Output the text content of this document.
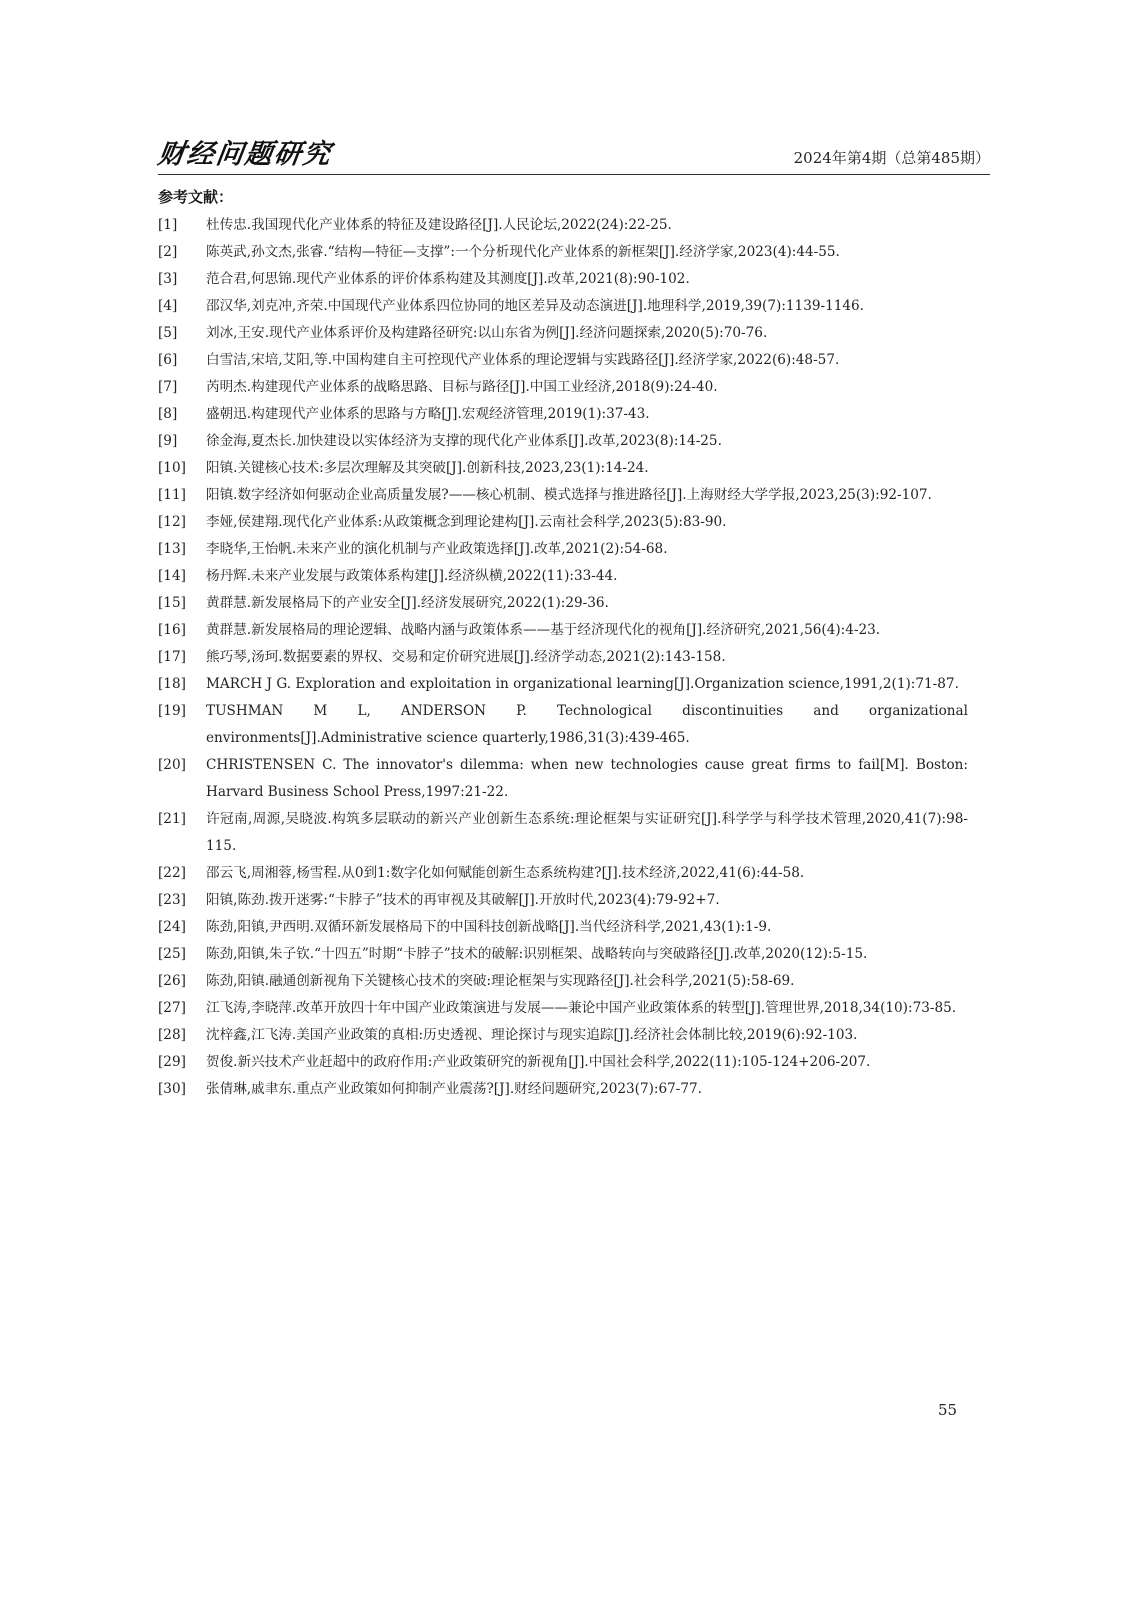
财经问题研究	2024年第4期（总第485期）
参考文献：
[1] 杜传忠.我国现代化产业体系的特征及建设路径[J].人民论坛,2022(24):22-25.
[2] 陈英武,孙文杰,张睿.“结构—特征—支撑”:一个分析现代化产业体系的新框架[J].经济学家,2023(4):44-55.
[3] 范合君,何思锦.现代产业体系的评价体系构建及其测度[J].改革,2021(8):90-102.
[4] 邵汉华,刘克冲,齐荣.中国现代产业体系四位协同的地区差异及动态演进[J].地理科学,2019,39(7):1139-1146.
[5] 刘冰,王安.现代产业体系评价及构建路径研究:以山东省为例[J].经济问题探索,2020(5):70-76.
[6] 白雪洁,宋培,艾阳,等.中国构建自主可控现代产业体系的理论逻辑与实践路径[J].经济学家,2022(6):48-57.
[7] 芮明杰.构建现代产业体系的战略思路、目标与路径[J].中国工业经济,2018(9):24-40.
[8] 盛朝迅.构建现代产业体系的思路与方略[J].宏观经济管理,2019(1):37-43.
[9] 徐金海,夏杰长.加快建设以实体经济为支撑的现代化产业体系[J].改革,2023(8):14-25.
[10] 阳镇.关键核心技术:多层次理解及其突破[J].创新科技,2023,23(1):14-24.
[11] 阳镇.数字经济如何驱动企业高质量发展?——核心机制、模式选择与推进路径[J].上海财经大学学报,2023,25(3):92-107.
[12] 李娅,侯建翔.现代化产业体系:从政策概念到理论建构[J].云南社会科学,2023(5):83-90.
[13] 李晓华,王怡帆.未来产业的演化机制与产业政策选择[J].改革,2021(2):54-68.
[14] 杨丹辉.未来产业发展与政策体系构建[J].经济纵横,2022(11):33-44.
[15] 黄群慧.新发展格局下的产业安全[J].经济发展研究,2022(1):29-36.
[16] 黄群慧.新发展格局的理论逻辑、战略内涵与政策体系——基于经济现代化的视角[J].经济研究,2021,56(4):4-23.
[17] 熊巧琴,汤珂.数据要素的界权、交易和定价研究进展[J].经济学动态,2021(2):143-158.
[18] MARCH J G. Exploration and exploitation in organizational learning[J].Organization science,1991,2(1):71-87.
[19] TUSHMAN M L, ANDERSON P. Technological discontinuities and organizational environments[J].Administrative science quarterly,1986,31(3):439-465.
[20] CHRISTENSEN C. The innovator's dilemma: when new technologies cause great firms to fail[M]. Boston: Harvard Business School Press,1997:21-22.
[21] 许冠南,周源,吴晓波.构筑多层联动的新兴产业创新生态系统:理论框架与实证研究[J].科学学与科学技术管理,2020,41(7):98-115.
[22] 邵云飞,周湘蓉,杨雪程.从0到1:数字化如何赋能创新生态系统构建?[J].技术经济,2022,41(6):44-58.
[23] 阳镇,陈劲.拨开迷雾:“卡脖子”技术的再审视及其破解[J].开放时代,2023(4):79-92+7.
[24] 陈劲,阳镇,尹西明.双循环新发展格局下的中国科技创新战略[J].当代经济科学,2021,43(1):1-9.
[25] 陈劲,阳镇,朱子钦.“十四五”时期“卡脖子”技术的破解:识别框架、战略转向与突破路径[J].改革,2020(12):5-15.
[26] 陈劲,阳镇.融通创新视角下关键核心技术的突破:理论框架与实现路径[J].社会科学,2021(5):58-69.
[27] 江飞涛,李晓萍.改革开放四十年中国产业政策演进与发展——兼论中国产业政策体系的转型[J].管理世界,2018,34(10):73-85.
[28] 沈梓鑫,江飞涛.美国产业政策的真相:历史透视、理论探讨与现实追踪[J].经济社会体制比较,2019(6):92-103.
[29] 贺俊.新兴技术产业赶超中的政府作用:产业政策研究的新视角[J].中国社会科学,2022(11):105-124+206-207.
[30] 张倩琳,戚聿东.重点产业政策如何抑制产业震荡?[J].财经问题研究,2023(7):67-77.
55
